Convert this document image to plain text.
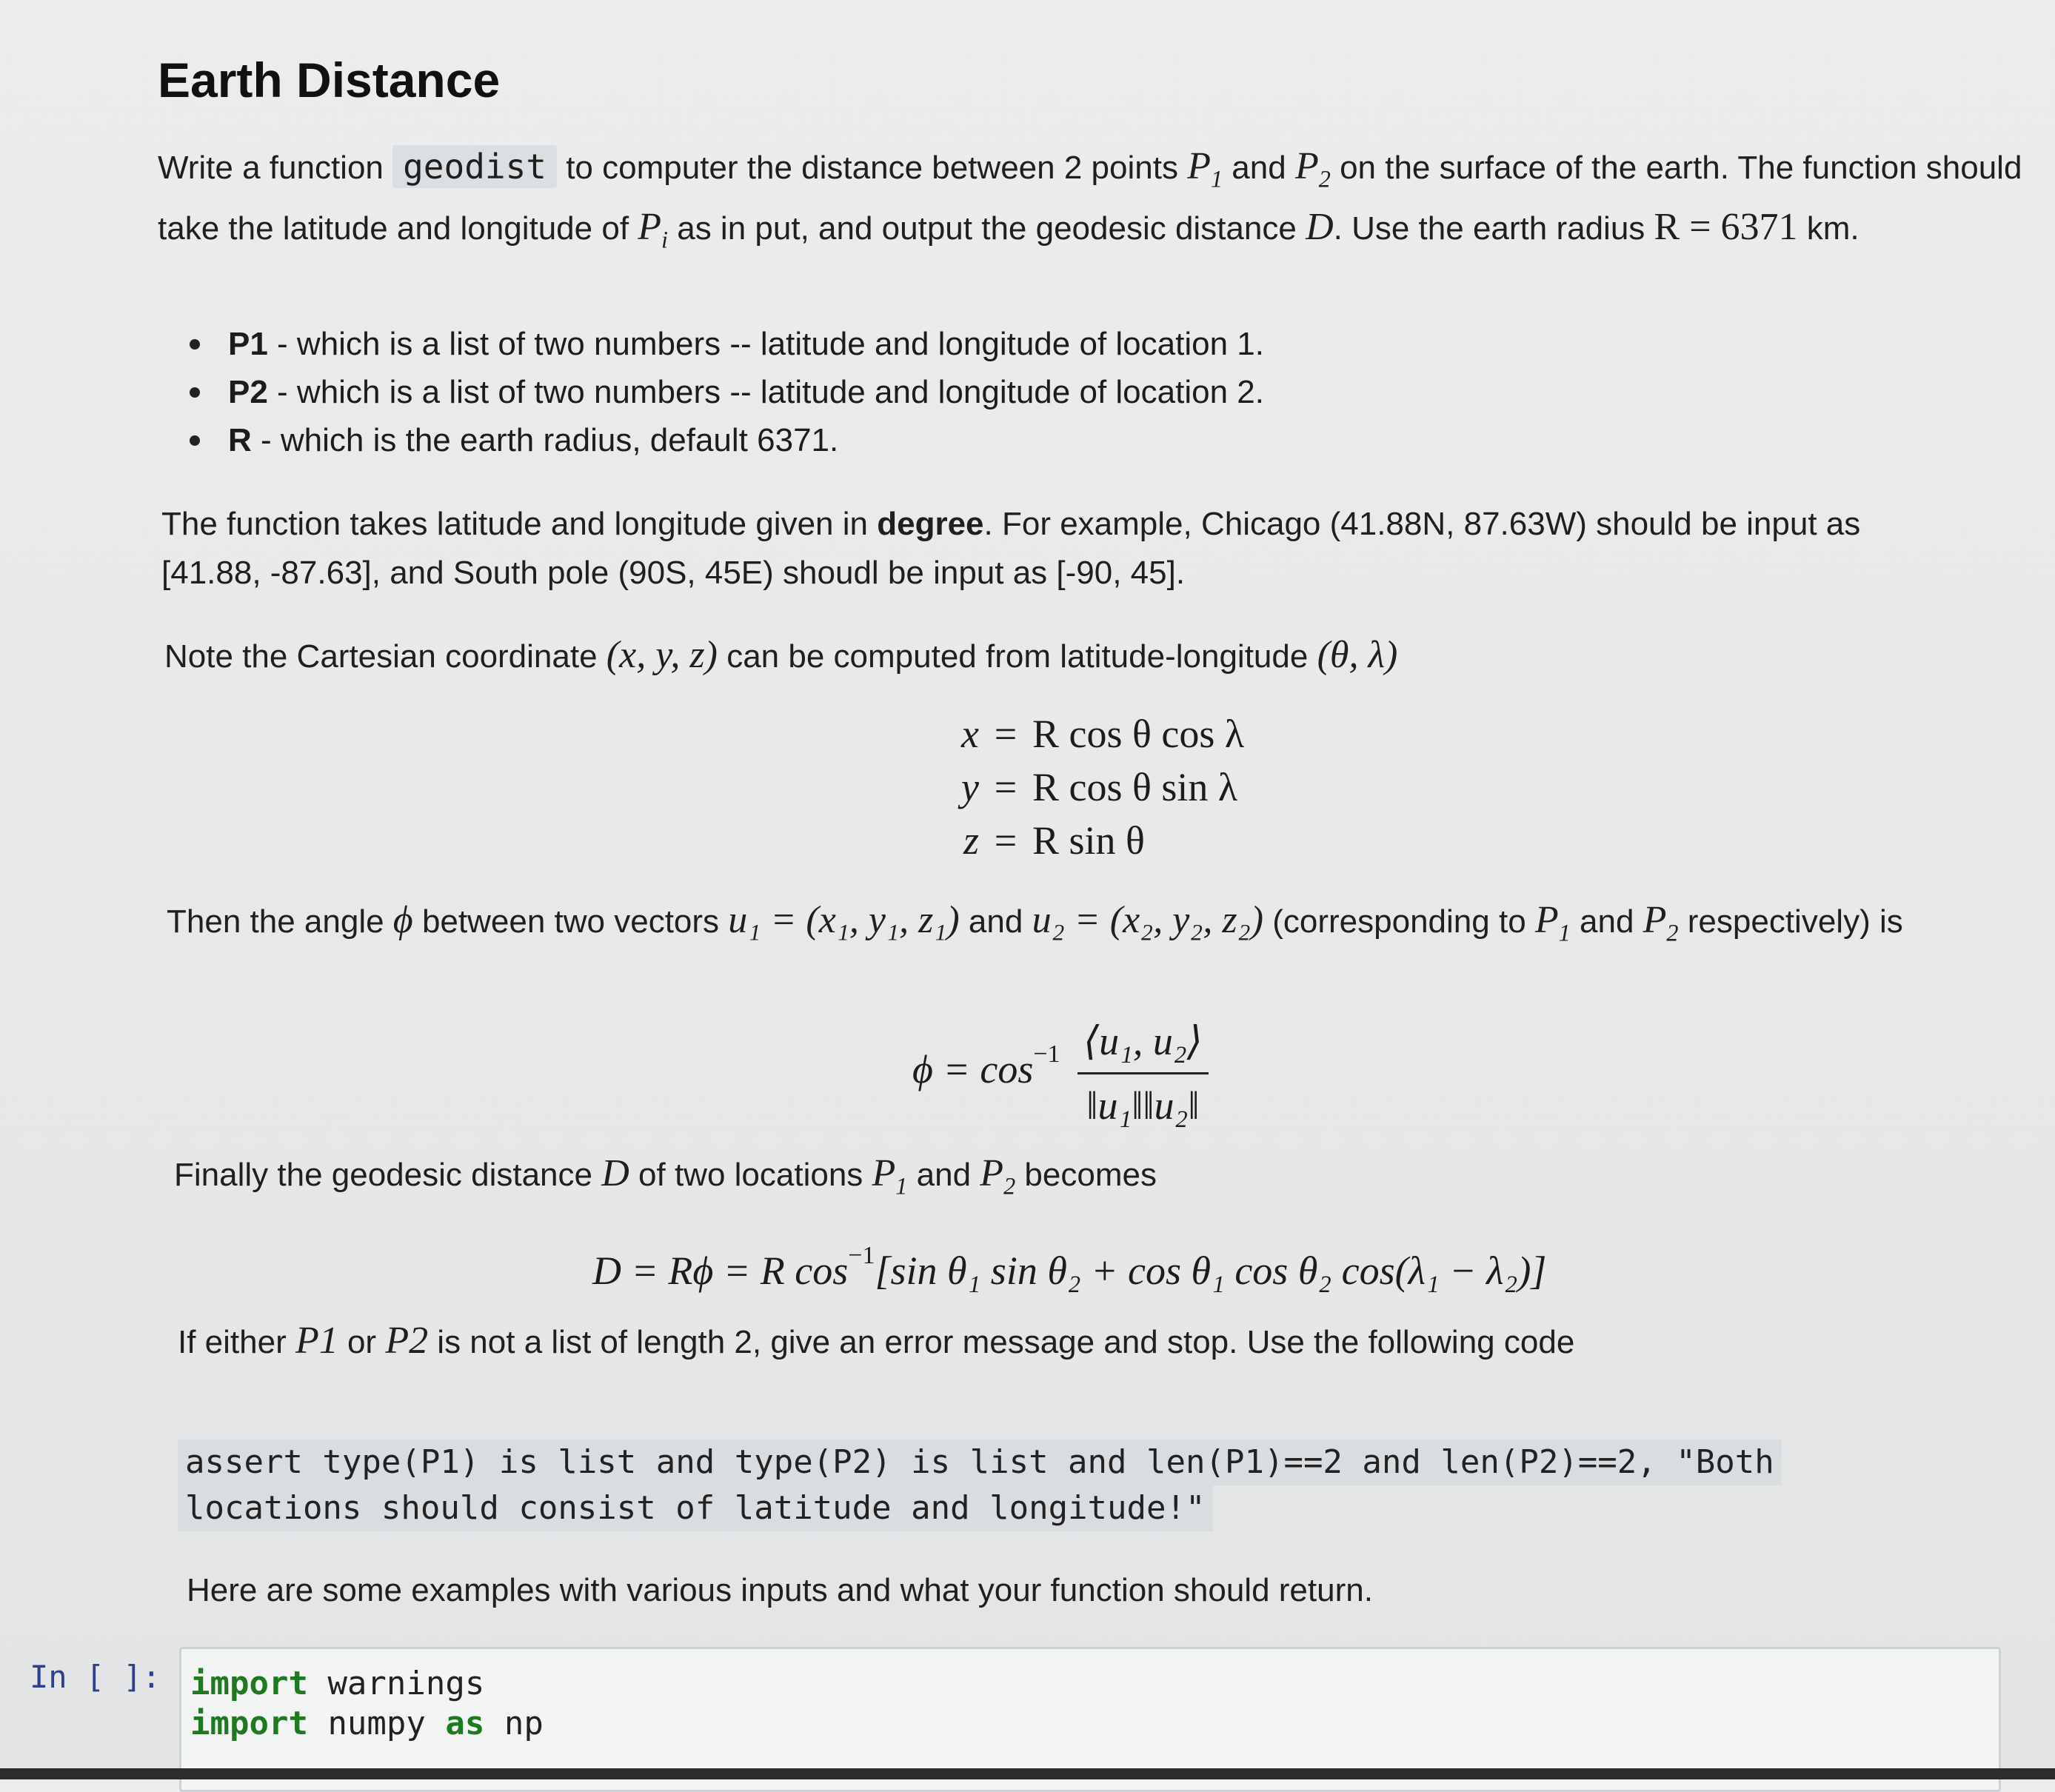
Earth Distance

Write a function geodist to computer the distance between 2 points $P_1$ and $P_2$ on the surface of the earth. The function should take the latitude and longitude of $P_i$ as in put, and output the geodesic distance D. Use the earth radius R = 6371 km.

P1 - which is a list of two numbers -- latitude and longitude of location 1.
P2 - which is a list of two numbers -- latitude and longitude of location 2.
R - which is the earth radius, default 6371.

The function takes latitude and longitude given in degree. For example, Chicago (41.88N, 87.63W) should be input as [41.88, -87.63], and South pole (90S, 45E) shoudl be input as [-90, 45].

Note the Cartesian coordinate (x, y, z) can be computed from latitude-longitude (θ, λ)

x = R cos θ cos λ
y = R cos θ sin λ
z = R sin θ

Then the angle ϕ between two vectors u₁ = (x₁, y₁, z₁) and u₂ = (x₂, y₂, z₂) (corresponding to $P_1$ and $P_2$ respectively) is

$\phi = \cos^{-1} \frac{\text{⟨u₁, u₂⟩}}{\text{‖u₁‖‖u₂‖}}$

Finally the geodesic distance D of two locations $P_1$ and $P_2$ becomes

D = Rϕ = R $\cos^{-1}[\sin$ θ₁ sin θ₂ + cos θ₁ cos θ₂ cos(λ₁ − λ₂)]

If either P1 or P2 is not a list of length 2, give an error message and stop. Use the following code

assert type(P1) is list and type(P2) is list and len(P1)==2 and len(P2)==2, "Both
locations should consist of latitude and longitude!"

Here are some examples with various inputs and what your function should return.

In [ ]: import warnings
import numpy as np
